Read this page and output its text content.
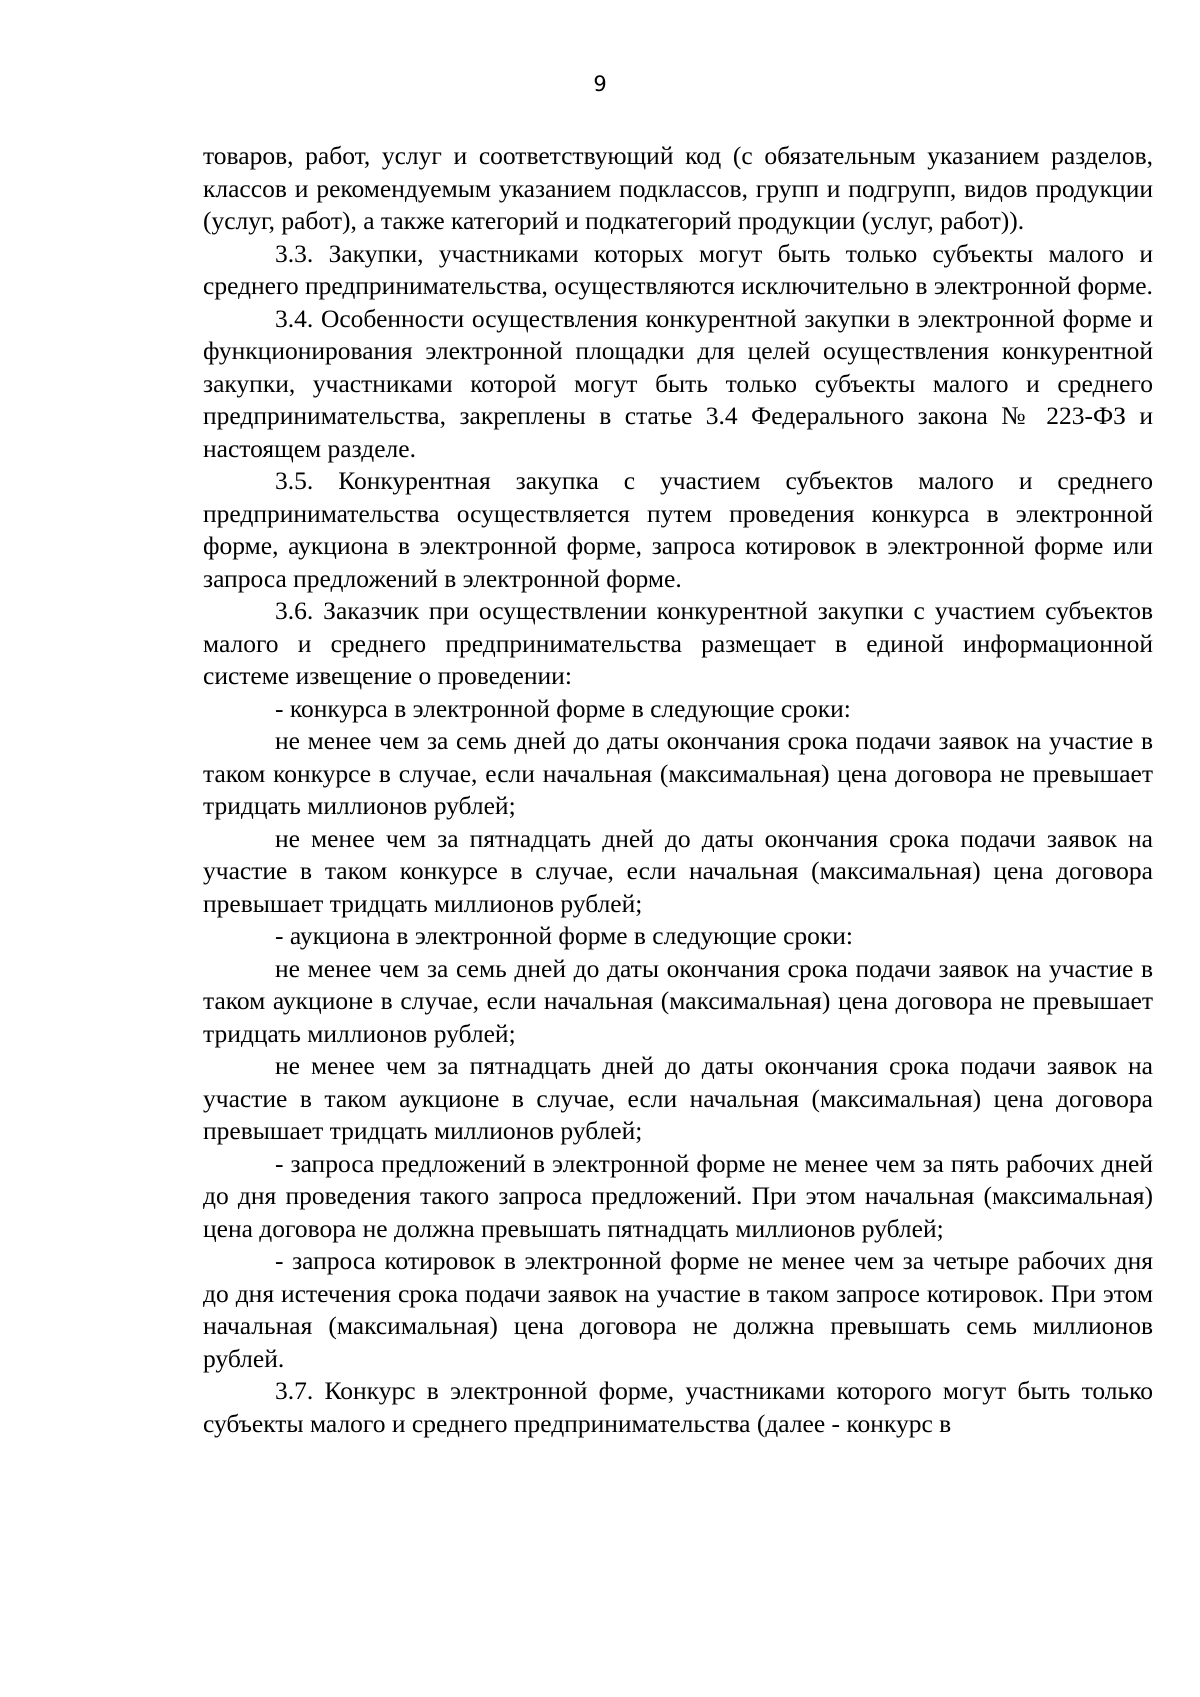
9

товаров, работ, услуг и соответствующий код (с обязательным указанием разделов, классов и рекомендуемым указанием подклассов, групп и подгрупп, видов продукции (услуг, работ), а также категорий и подкатегорий продукции (услуг, работ)).

3.3. Закупки, участниками которых могут быть только субъекты малого и среднего предпринимательства, осуществляются исключительно в электронной форме.

3.4. Особенности осуществления конкурентной закупки в электронной форме и функционирования электронной площадки для целей осуществления конкурентной закупки, участниками которой могут быть только субъекты малого и среднего предпринимательства, закреплены в статье 3.4 Федерального закона № 223-ФЗ и настоящем разделе.

3.5. Конкурентная закупка с участием субъектов малого и среднего предпринимательства осуществляется путем проведения конкурса в электронной форме, аукциона в электронной форме, запроса котировок в электронной форме или запроса предложений в электронной форме.

3.6. Заказчик при осуществлении конкурентной закупки с участием субъектов малого и среднего предпринимательства размещает в единой информационной системе извещение о проведении:

- конкурса в электронной форме в следующие сроки:

не менее чем за семь дней до даты окончания срока подачи заявок на участие в таком конкурсе в случае, если начальная (максимальная) цена договора не превышает тридцать миллионов рублей;

не менее чем за пятнадцать дней до даты окончания срока подачи заявок на участие в таком конкурсе в случае, если начальная (максимальная) цена договора превышает тридцать миллионов рублей;

- аукциона в электронной форме в следующие сроки:

не менее чем за семь дней до даты окончания срока подачи заявок на участие в таком аукционе в случае, если начальная (максимальная) цена договора не превышает тридцать миллионов рублей;

не менее чем за пятнадцать дней до даты окончания срока подачи заявок на участие в таком аукционе в случае, если начальная (максимальная) цена договора превышает тридцать миллионов рублей;

- запроса предложений в электронной форме не менее чем за пять рабочих дней до дня проведения такого запроса предложений. При этом начальная (максимальная) цена договора не должна превышать пятнадцать миллионов рублей;

- запроса котировок в электронной форме не менее чем за четыре рабочих дня до дня истечения срока подачи заявок на участие в таком запросе котировок. При этом начальная (максимальная) цена договора не должна превышать семь миллионов рублей.

3.7. Конкурс в электронной форме, участниками которого могут быть только субъекты малого и среднего предпринимательства (далее - конкурс в
